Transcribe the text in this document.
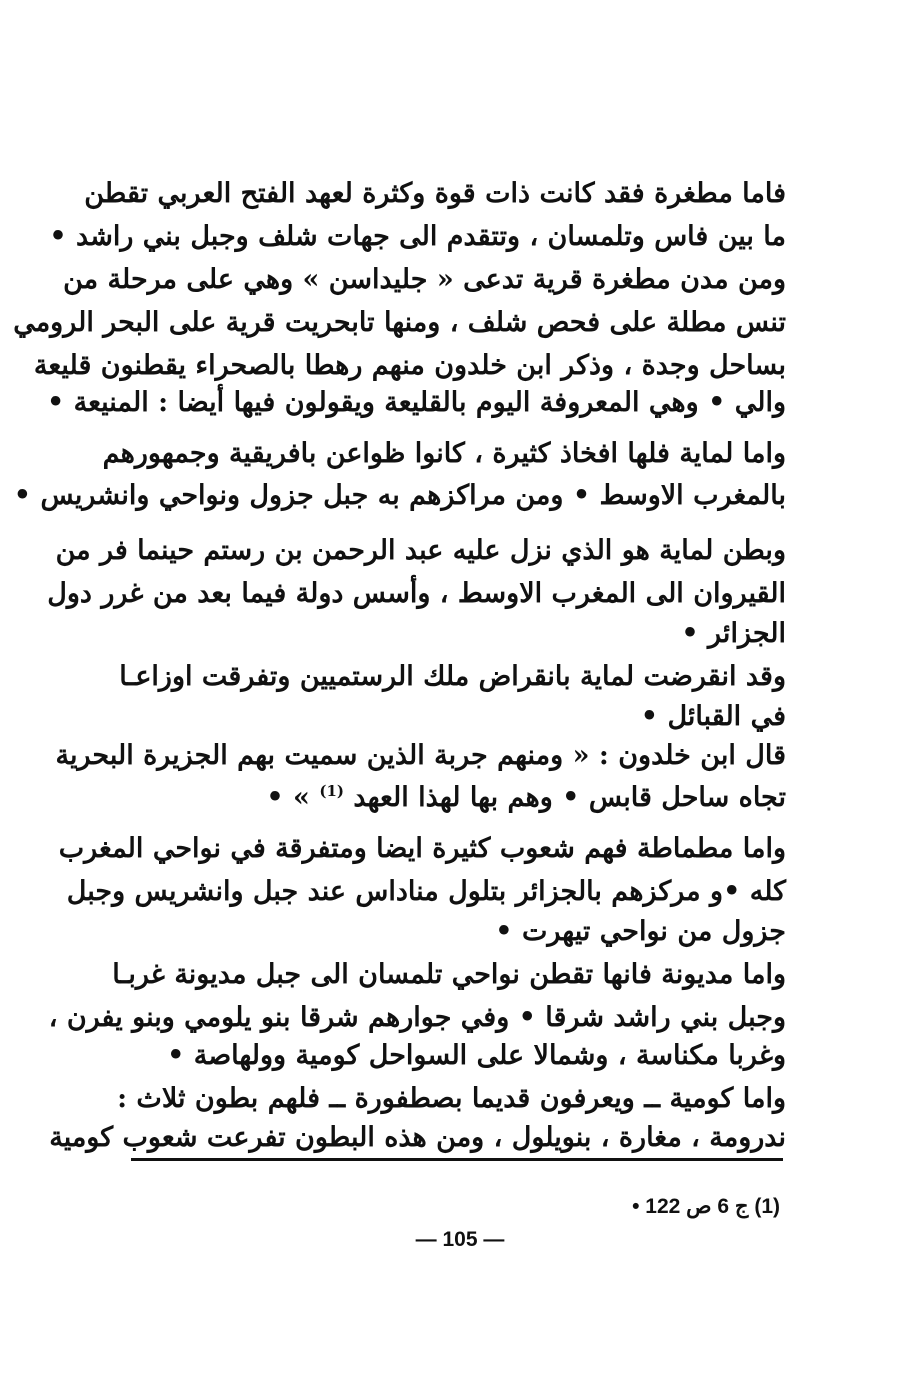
فاما مطغرة فقد كانت ذات قوة وكثرة لعهد الفتح العربي تقطن
ما بين فاس وتلمسان ، وتتقدم الى جهات شلف وجبل بني راشد •
ومن مدن مطغرة قرية تدعى « جليداسن » وهي على مرحلة من
تنس مطلة على فحص شلف ، ومنها تابحريت قرية على البحر الرومي
بساحل وجدة ، وذكر ابن خلدون منهم رهطا بالصحراء يقطنون قليعة
والي • وهي المعروفة اليوم بالقليعة ويقولون فيها أيضا : المنيعة •
واما لماية فلها افخاذ كثيرة ، كانوا ظواعن بافريقية وجمهورهم
بالمغرب الاوسط • ومن مراكزهم به جبل جزول ونواحي وانشريس •
وبطن لماية هو الذي نزل عليه عبد الرحمن بن رستم حينما فر من
القيروان الى المغرب الاوسط ، وأسس دولة فيما بعد من غرر دول
الجزائر •
وقد انقرضت لماية بانقراض ملك الرستميين وتفرقت اوزاعـا
في القبائل •
قال ابن خلدون : « ومنهم جربة الذين سميت بهم الجزيرة البحرية
تجاه ساحل قابس • وهم بها لهذا العهد $^{(1)}$ » •
واما مطماطة فهم شعوب كثيرة ايضا ومتفرقة في نواحي المغرب
كله •و مركزهم بالجزائر بتلول مناداس عند جبل وانشريس وجبل
جزول من نواحي تيهرت •
واما مديونة فانها تقطن نواحي تلمسان الى جبل مديونة غربـا
وجبل بني راشد شرقا • وفي جوارهم شرقا بنو يلومي وبنو يفرن ،
وغربا مكناسة ، وشمالا على السواحل كومية وولهاصة •
واما كومية ــ ويعرفون قديما بصطفورة ــ فلهم بطون ثلاث :
ندرومة ، مغارة ، بنويلول ، ومن هذه البطون تفرعت شعوب كومية
(1) ج 6 ص 122 •
— 105 —
